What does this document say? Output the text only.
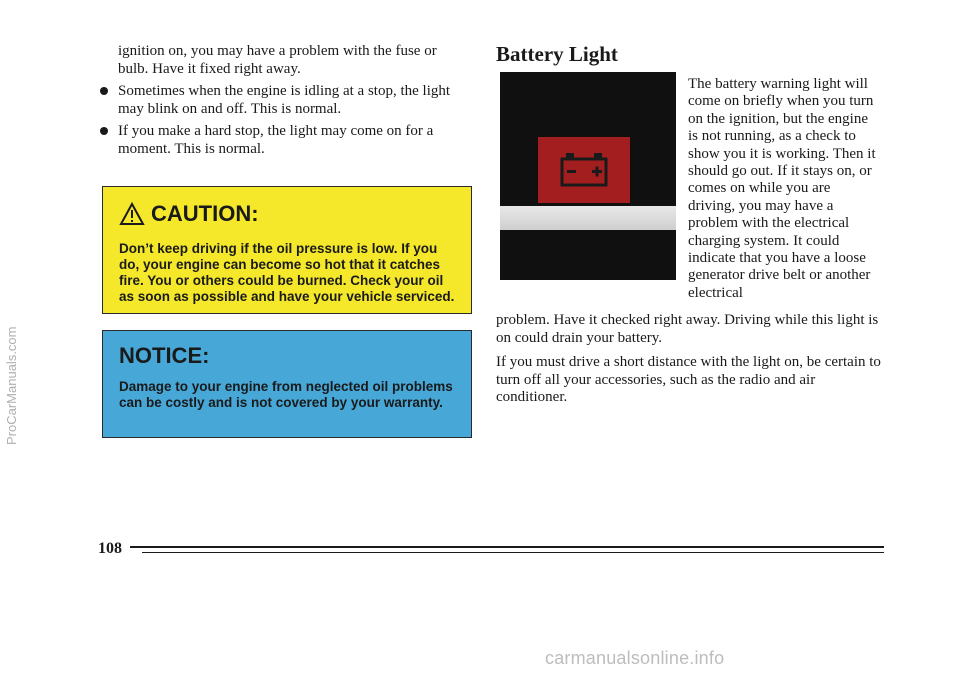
ProCarManuals.com

ignition on, you may have a problem with the fuse or

bulb. Have it fixed right away.

Sometimes when the engine is idling at a stop, the light may blink on and off. This is normal.
If you make a hard stop, the light may come on for a moment. This is normal.
CAUTION:

Don’t keep driving if the oil pressure is low. If you do, your engine can become so hot that it catches fire. You or others could be burned. Check your oil as soon as possible and have your vehicle serviced.

NOTICE:

Damage to your engine from neglected oil problems can be costly and is not covered by your warranty.

Battery Light

The battery warning light will come on briefly when you turn on the ignition, but the engine is not running, as a check to show you it is working. Then it should go out. If it stays on, or comes on while you are driving, you may have a problem with the electrical charging system. It could indicate that you have a loose generator drive belt or another electrical

problem. Have it checked right away. Driving while this light is on could drain your battery.

If you must drive a short distance with the light on, be certain to turn off all your accessories, such as the radio and air conditioner.

108
carmanualsonline.info
